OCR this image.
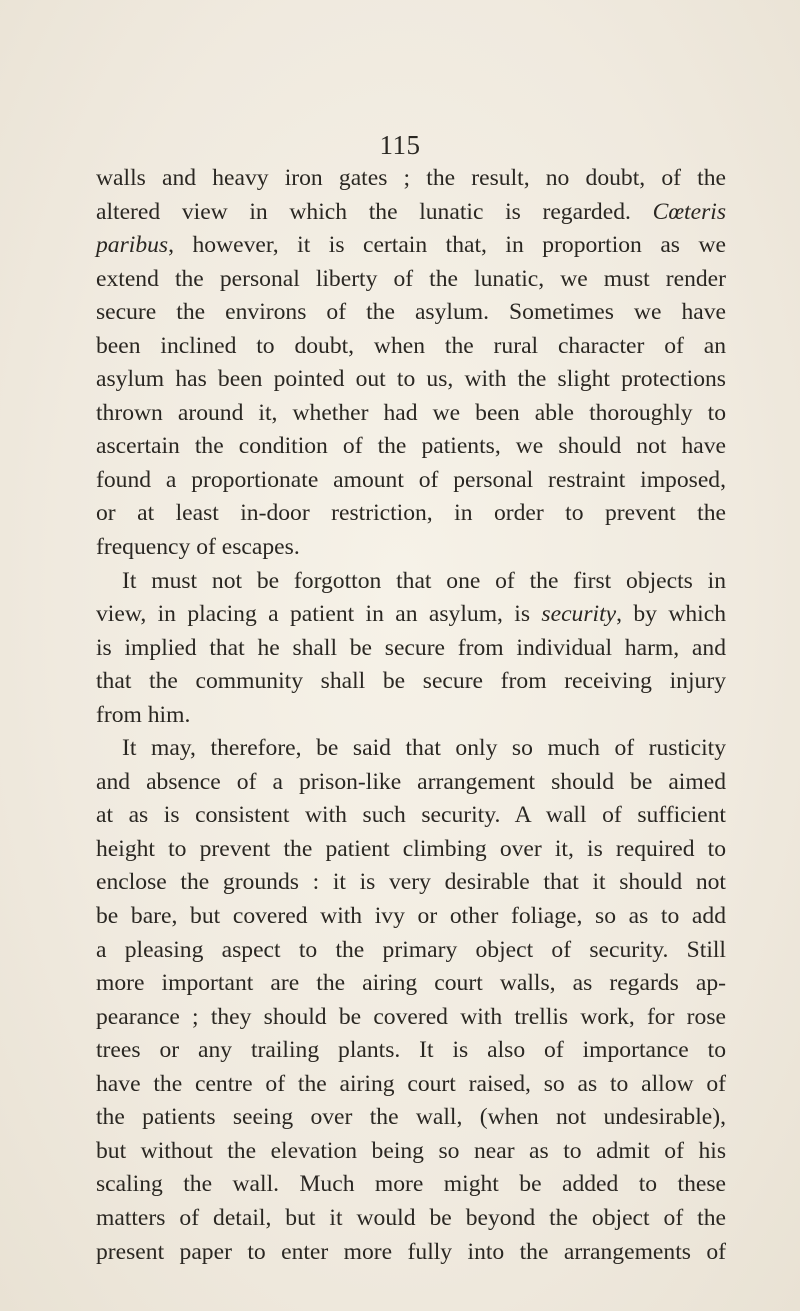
115
walls and heavy iron gates ; the result, no doubt, of the
altered view in which the lunatic is regarded. Cœteris
paribus, however, it is certain that, in proportion as we
extend the personal liberty of the lunatic, we must render
secure the environs of the asylum. Sometimes we have
been inclined to doubt, when the rural character of an
asylum has been pointed out to us, with the slight protections
thrown around it, whether had we been able thoroughly to
ascertain the condition of the patients, we should not have
found a proportionate amount of personal restraint imposed,
or at least in-door restriction, in order to prevent the
frequency of escapes.
It must not be forgotton that one of the first objects in
view, in placing a patient in an asylum, is security, by which
is implied that he shall be secure from individual harm, and
that the community shall be secure from receiving injury
from him.
It may, therefore, be said that only so much of rusticity
and absence of a prison-like arrangement should be aimed
at as is consistent with such security. A wall of sufficient
height to prevent the patient climbing over it, is required to
enclose the grounds : it is very desirable that it should not
be bare, but covered with ivy or other foliage, so as to add
a pleasing aspect to the primary object of security. Still
more important are the airing court walls, as regards ap-
pearance ; they should be covered with trellis work, for rose
trees or any trailing plants. It is also of importance to
have the centre of the airing court raised, so as to allow of
the patients seeing over the wall, (when not undesirable),
but without the elevation being so near as to admit of his
scaling the wall. Much more might be added to these
matters of detail, but it would be beyond the object of the
present paper to enter more fully into the arrangements of
